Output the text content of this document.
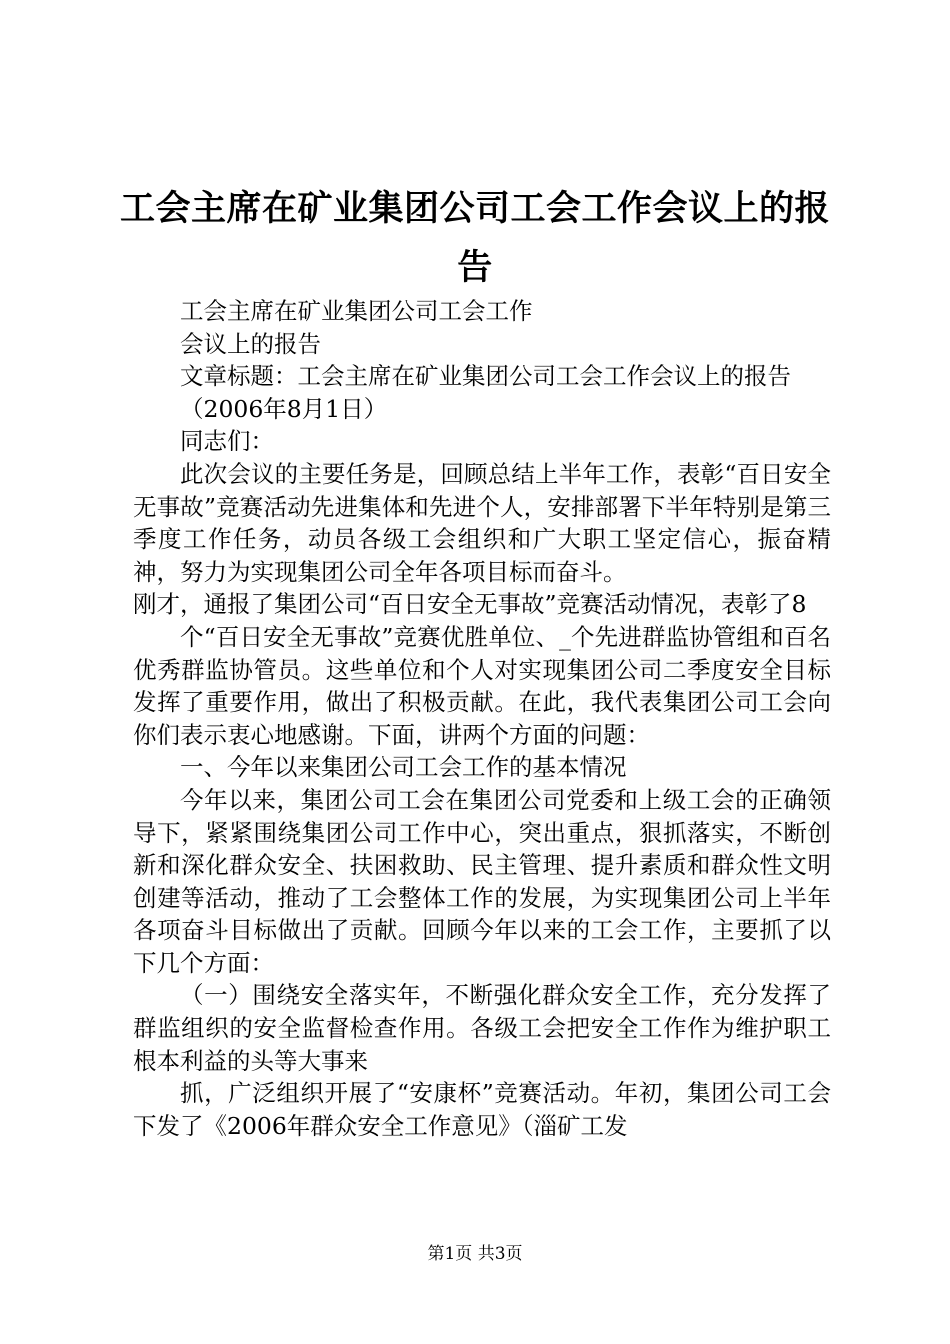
工会主席在矿业集团公司工会工作会议上的报告

工会主席在矿业集团公司工会工作

会议上的报告

文章标题：工会主席在矿业集团公司工会工作会议上的报告

（2006年8月1日）

同志们：

此次会议的主要任务是，回顾总结上半年工作，表彰“百日安全无事故”竞赛活动先进集体和先进个人，安排部署下半年特别是第三季度工作任务，动员各级工会组织和广大职工坚定信心，振奋精神，努力为实现集团公司全年各项目标而奋斗。

刚才，通报了集团公司“百日安全无事故”竞赛活动情况，表彰了8

个“百日安全无事故”竞赛优胜单位、_个先进群监协管组和百名优秀群监协管员。这些单位和个人对实现集团公司二季度安全目标发挥了重要作用，做出了积极贡献。在此，我代表集团公司工会向你们表示衷心地感谢。下面，讲两个方面的问题：

一、今年以来集团公司工会工作的基本情况

今年以来，集团公司工会在集团公司党委和上级工会的正确领导下，紧紧围绕集团公司工作中心，突出重点，狠抓落实，不断创新和深化群众安全、扶困救助、民主管理、提升素质和群众性文明创建等活动，推动了工会整体工作的发展，为实现集团公司上半年各项奋斗目标做出了贡献。回顾今年以来的工会工作，主要抓了以下几个方面：

（一）围绕安全落实年，不断强化群众安全工作，充分发挥了群监组织的安全监督检查作用。各级工会把安全工作作为维护职工根本利益的头等大事来

抓，广泛组织开展了“安康杯”竞赛活动。年初，集团公司工会下发了《2006年群众安全工作意见》（淄矿工发

第1页 共3页
